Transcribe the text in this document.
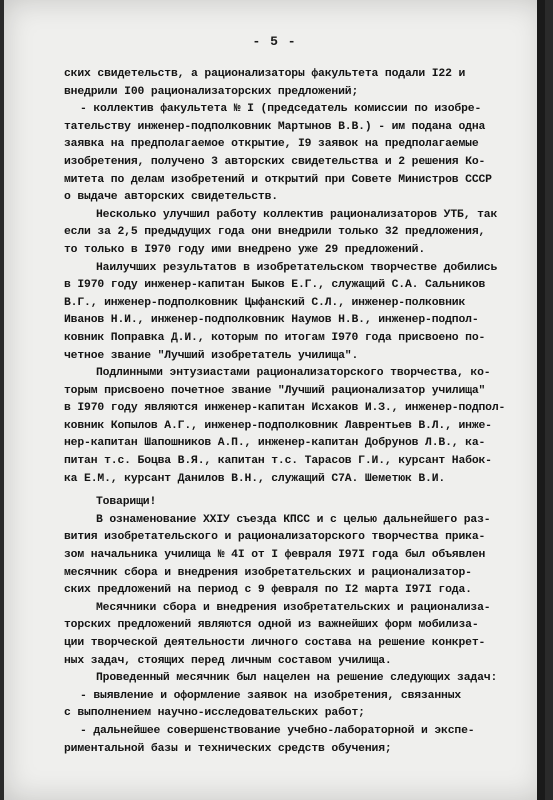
- 5 -
ских свидетельств, а рационализаторы факультета подали I22 и
внедрили I00 рационализаторских предложений;
- коллектив факультета № I (председатель комиссии по изобре-
тательству инженер-подполковник Мартынов В.В.) - им подана одна
заявка на предполагаемое открытие, I9 заявок на предполагаемые
изобретения, получено 3 авторских свидетельства и 2 решения Ко-
митета по делам изобретений и открытий при Совете Министров СССР
о выдаче авторских свидетельств.
Несколько улучшил работу коллектив рационализаторов УТБ, так
если за 2,5 предыдущих года они внедрили только 32 предложения,
то только в I970 году ими внедрено уже 29 предложений.
Наилучших результатов в изобретательском творчестве добились
в I970 году инженер-капитан Быков Е.Г., служащий С.А. Сальников
В.Г., инженер-подполковник Цыфанский С.Л., инженер-полковник
Иванов Н.И., инженер-подполковник Наумов Н.В., инженер-подпол-
ковник Поправка Д.И., которым по итогам I970 года присвоено по-
четное звание "Лучший изобретатель училища".
Подлинными энтузиастами рационализаторского творчества, ко-
торым присвоено почетное звание "Лучший рационализатор училища"
в I970 году являются инженер-капитан Исхаков И.З., инженер-подпол-
ковник Копылов А.Г., инженер-подполковник Лаврентьев В.Л., инже-
нер-капитан Шапошников А.П., инженер-капитан Добрунов Л.В., ка-
питан т.с. Боцва В.Я., капитан т.с. Тарасов Г.И., курсант Набок-
ка Е.М., курсант Данилов В.Н., служащий С7А. Шеметюк В.И.
Товарищи!
В ознаменование XXIУ съезда КПСС и с целью дальнейшего раз-
вития изобретательского и рационализаторского творчества прика-
зом начальника училища № 4I от I февраля I97I года был объявлен
месячник сбора и внедрения изобретательских и рационализатор-
ских предложений на период с 9 февраля по I2 марта I97I года.
Месячники сбора и внедрения изобретательских и рационализа-
торских предложений являются одной из важнейших форм мобилиза-
ции творческой деятельности личного состава на решение конкрет-
ных задач, стоящих перед личным составом училища.
Проведенный месячник был нацелен на решение следующих задач:
- выявление и оформление заявок на изобретения, связанных
с выполнением научно-исследовательских работ;
- дальнейшее совершенствование учебно-лабораторной и экспе-
риментальной базы и технических средств обучения;
